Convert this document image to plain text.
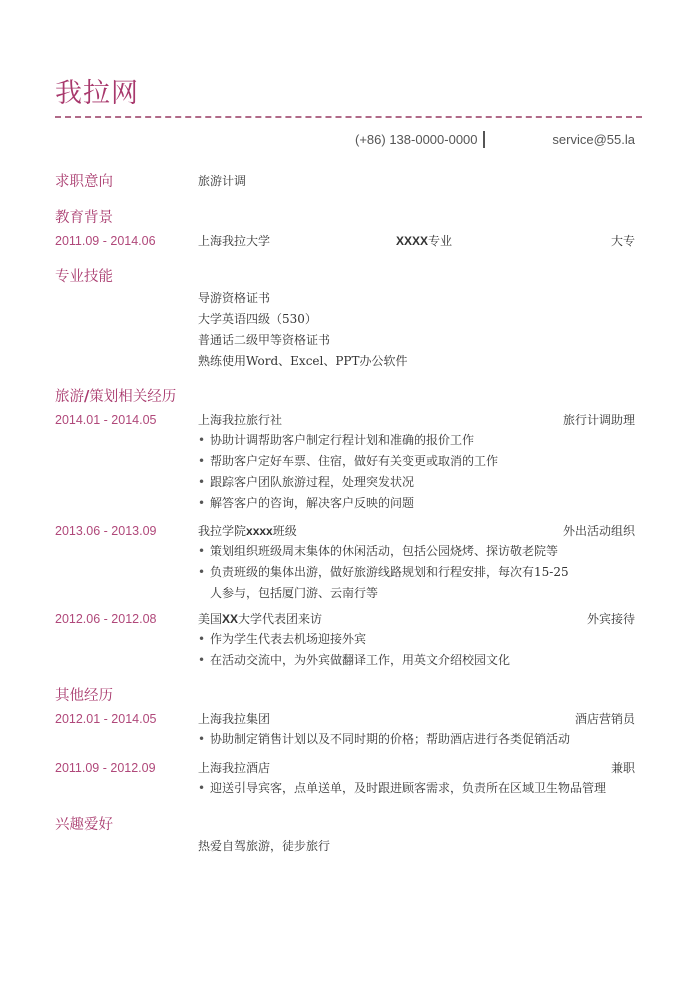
我拉网
(+86) 138-0000-0000	service@55.la
求职意向	旅游计调
教育背景
2011.09 - 2014.06	上海我拉大学	XXXX专业	大专
专业技能
导游资格证书
大学英语四级（530）
普通话二级甲等资格证书
熟练使用Word、Excel、PPT办公软件
旅游/策划相关经历
2014.01 - 2014.05	上海我拉旅行社	旅行计调助理
• 协助计调帮助客户制定行程计划和准确的报价工作
• 帮助客户定好车票、住宿，做好有关变更或取消的工作
• 跟踪客户团队旅游过程，处理突发状况
• 解答客户的咨询，解决客户反映的问题
2013.06 - 2013.09	我拉学院xxxx班级	外出活动组织
• 策划组织班级周末集体的休闲活动，包括公园烧烤、探访敬老院等
• 负责班级的集体出游，做好旅游线路规划和行程安排，每次有15-25人参与，包括厦门游、云南行等
2012.06 - 2012.08	美国XX大学代表团来访	外宾接待
• 作为学生代表去机场迎接外宾
• 在活动交流中，为外宾做翻译工作，用英文介绍校园文化
其他经历
2012.01 - 2014.05	上海我拉集团	酒店营销员
• 协助制定销售计划以及不同时期的价格；帮助酒店进行各类促销活动
2011.09 - 2012.09	上海我拉酒店	兼职
• 迎送引导宾客，点单送单，及时跟进顾客需求，负责所在区域卫生物品管理
兴趣爱好
热爱自驾旅游，徒步旅行
